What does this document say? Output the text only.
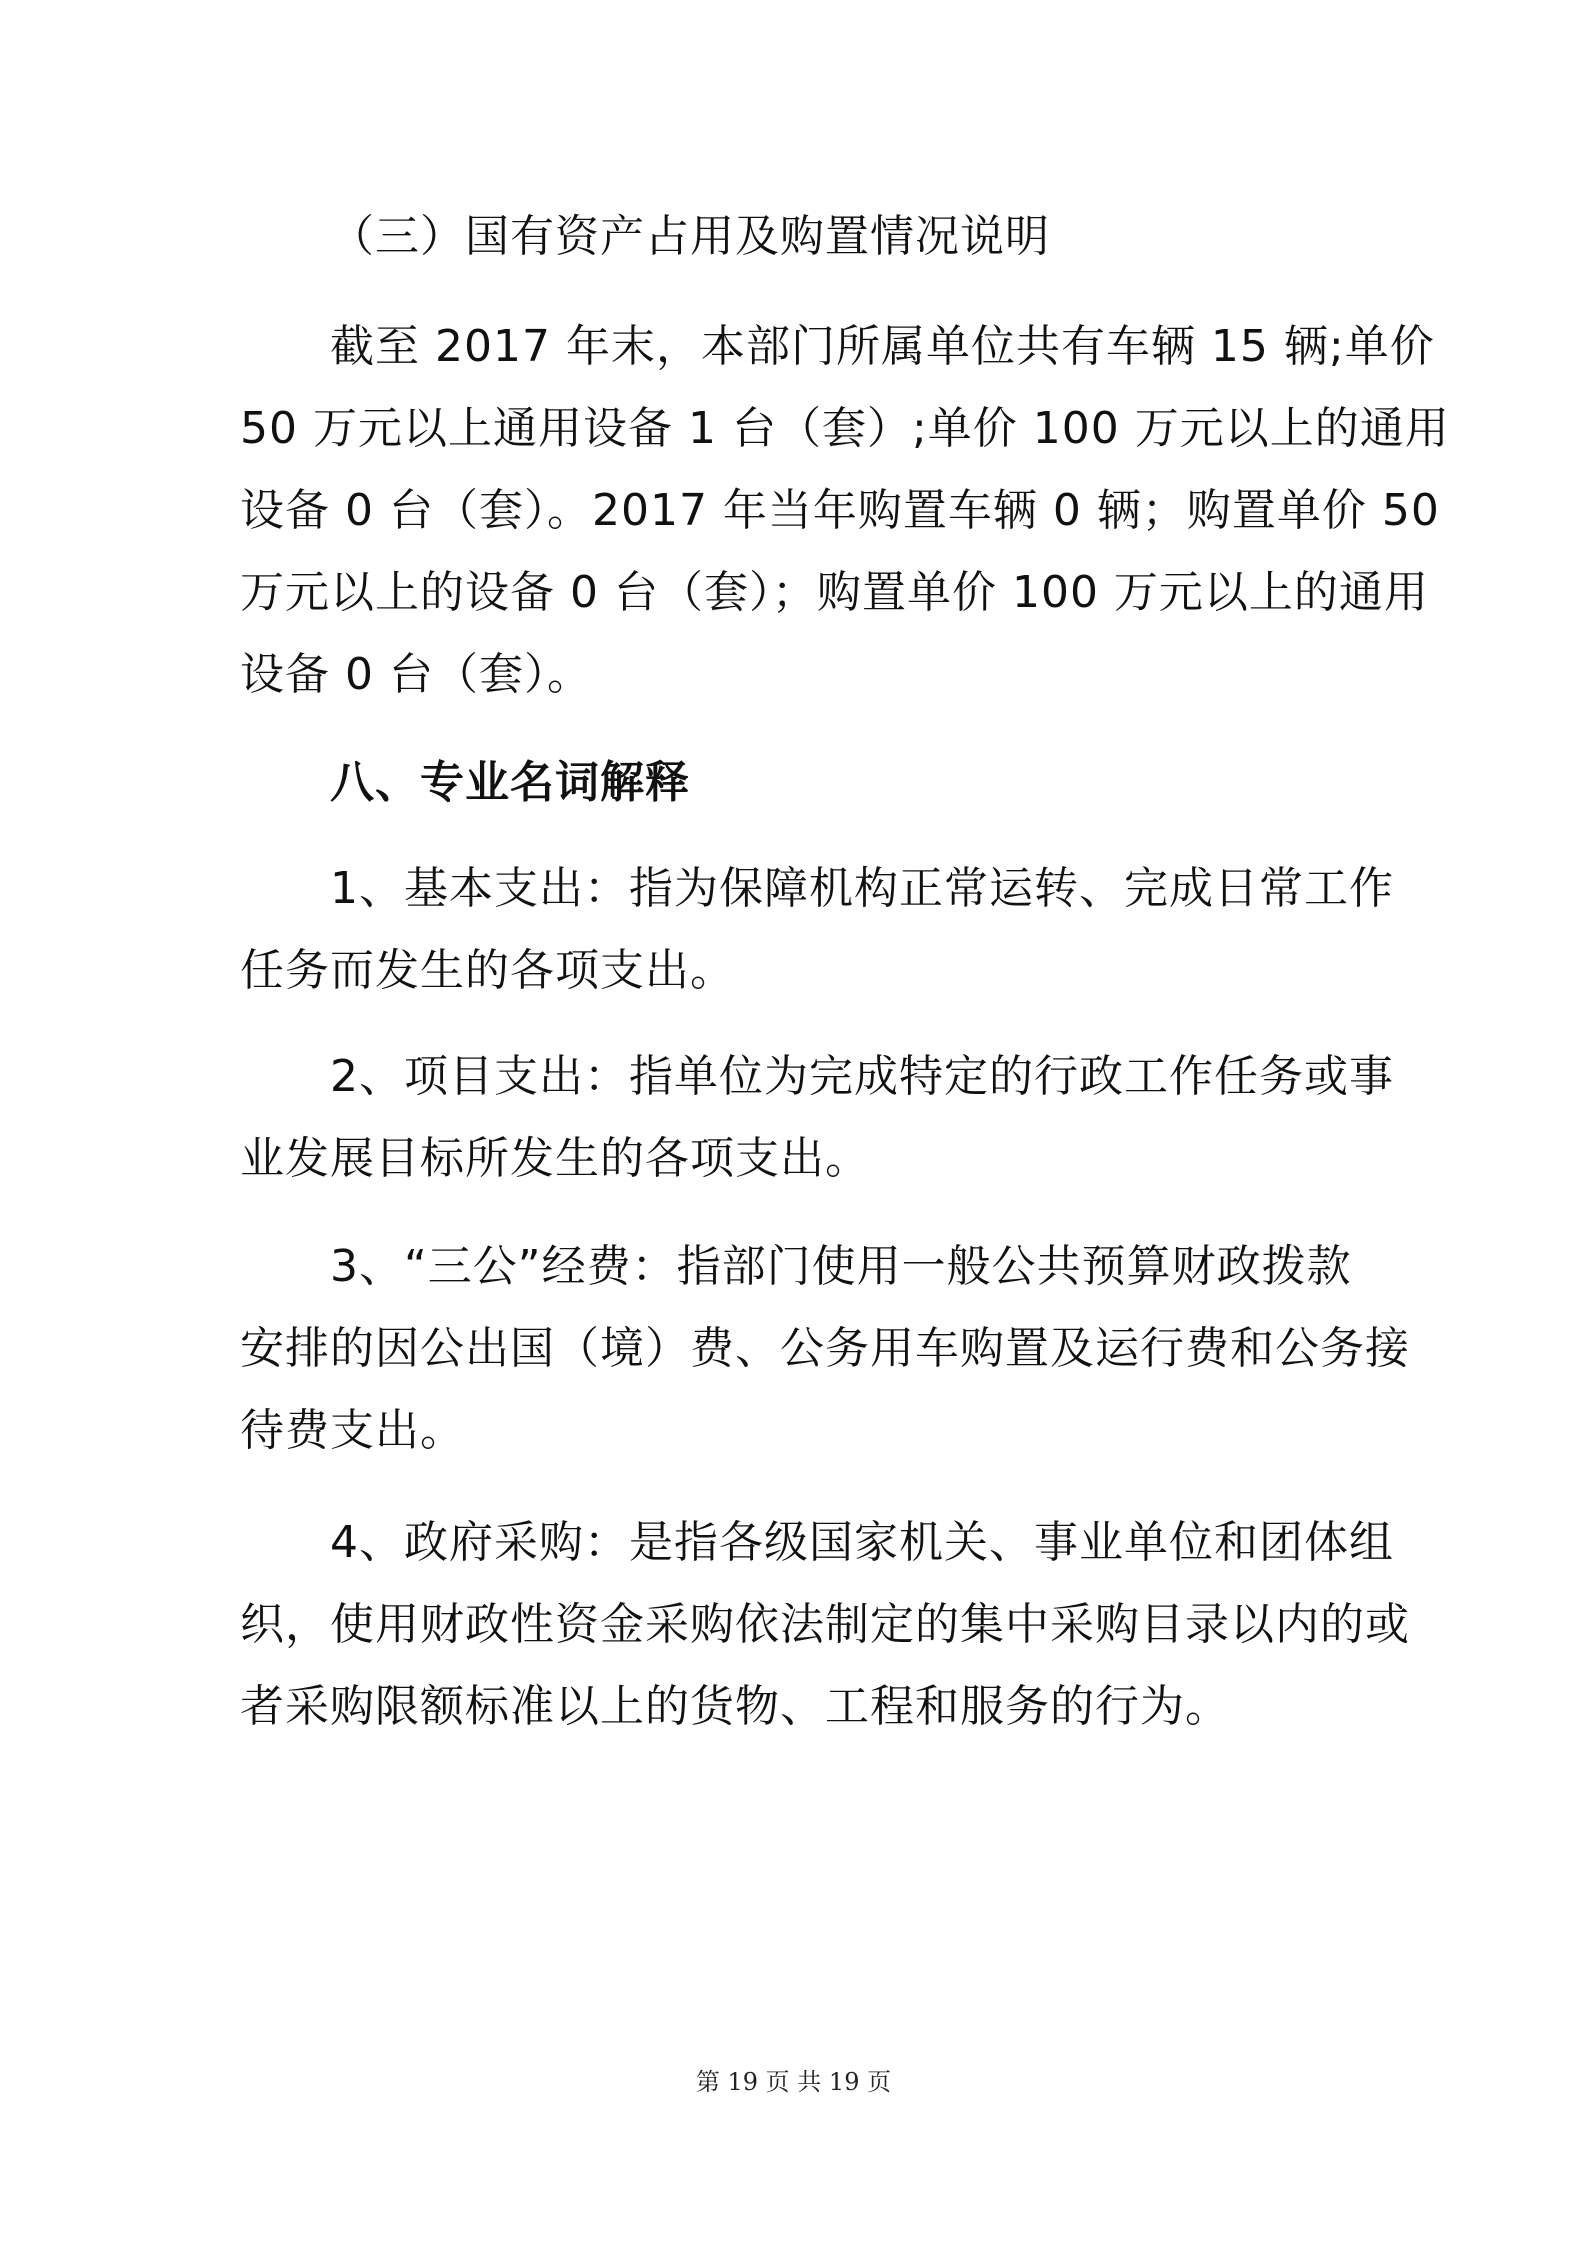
（三）国有资产占用及购置情况说明
截至 2017 年末，本部门所属单位共有车辆 15 辆;单价
50 万元以上通用设备 1 台（套）;单价 100 万元以上的通用
设备 0 台（套）。2017 年当年购置车辆 0 辆；购置单价 50
万元以上的设备 0 台（套）；购置单价 100 万元以上的通用
设备 0 台（套）。
八、专业名词解释
1、基本支出：指为保障机构正常运转、完成日常工作
任务而发生的各项支出。
2、项目支出：指单位为完成特定的行政工作任务或事
业发展目标所发生的各项支出。
3、“三公”经费：指部门使用一般公共预算财政拨款
安排的因公出国（境）费、公务用车购置及运行费和公务接
待费支出。
4、政府采购：是指各级国家机关、事业单位和团体组
织，使用财政性资金采购依法制定的集中采购目录以内的或
者采购限额标准以上的货物、工程和服务的行为。
第 19 页 共 19 页
